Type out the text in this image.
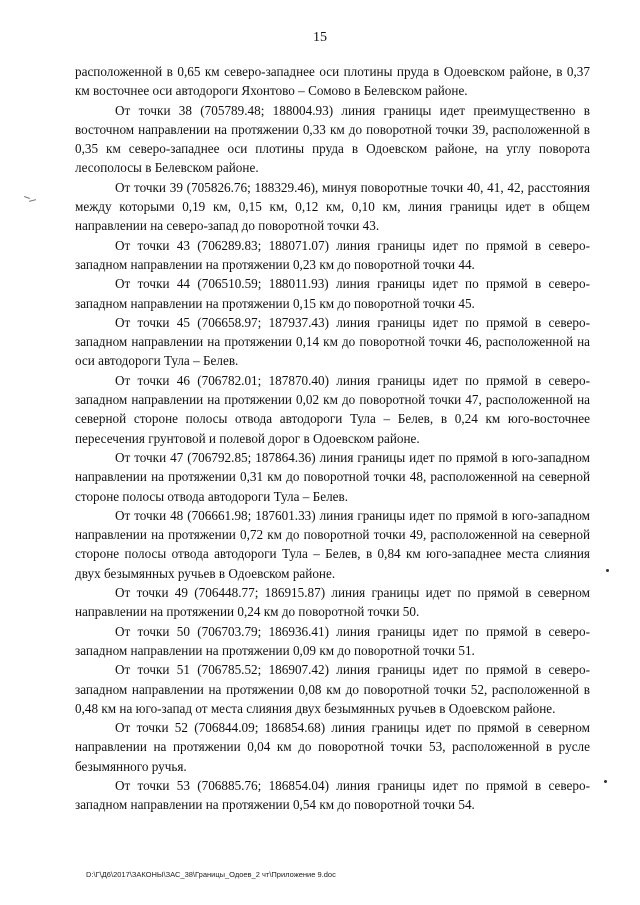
15

расположенной в 0,65 км северо-западнее оси плотины пруда в Одоевском районе, в 0,37 км восточнее оси автодороги Яхонтово – Сомово в Белевском районе.

От точки 38 (705789.48; 188004.93) линия границы идет преимущественно в восточном направлении на протяжении 0,33 км до поворотной точки 39, расположенной в 0,35 км северо-западнее оси плотины пруда в Одоевском районе, на углу поворота лесополосы в Белевском районе.

От точки 39 (705826.76; 188329.46), минуя поворотные точки 40, 41, 42, расстояния между которыми 0,19 км, 0,15 км, 0,12 км, 0,10 км, линия границы идет в общем направлении на северо-запад до поворотной точки 43.

От точки 43 (706289.83; 188071.07) линия границы идет по прямой в северо-западном направлении на протяжении 0,23 км до поворотной точки 44.

От точки 44 (706510.59; 188011.93) линия границы идет по прямой в северо-западном направлении на протяжении 0,15 км до поворотной точки 45.

От точки 45 (706658.97; 187937.43) линия границы идет по прямой в северо-западном направлении на протяжении 0,14 км до поворотной точки 46, расположенной на оси автодороги Тула – Белев.

От точки 46 (706782.01; 187870.40) линия границы идет по прямой в северо-западном направлении на протяжении 0,02 км до поворотной точки 47, расположенной на северной стороне полосы отвода автодороги Тула – Белев, в 0,24 км юго-восточнее пересечения грунтовой и полевой дорог в Одоевском районе.

От точки 47 (706792.85; 187864.36) линия границы идет по прямой в юго-западном направлении на протяжении 0,31 км до поворотной точки 48, расположенной на северной стороне полосы отвода автодороги Тула – Белев.

От точки 48 (706661.98; 187601.33) линия границы идет по прямой в юго-западном направлении на протяжении 0,72 км до поворотной точки 49, расположенной на северной стороне полосы отвода автодороги Тула – Белев, в 0,84 км юго-западнее места слияния двух безымянных ручьев в Одоевском районе.

От точки 49 (706448.77; 186915.87) линия границы идет по прямой в северном направлении на протяжении 0,24 км до поворотной точки 50.

От точки 50 (706703.79; 186936.41) линия границы идет по прямой в северо-западном направлении на протяжении 0,09 км до поворотной точки 51.

От точки 51 (706785.52; 186907.42) линия границы идет по прямой в северо-западном направлении на протяжении 0,08 км до поворотной точки 52, расположенной в 0,48 км на юго-запад от места слияния двух безымянных ручьев в Одоевском районе.

От точки 52 (706844.09; 186854.68) линия границы идет по прямой в северном направлении на протяжении 0,04 км до поворотной точки 53, расположенной в русле безымянного ручья.

От точки 53 (706885.76; 186854.04) линия границы идет по прямой в северо-западном направлении на протяжении 0,54 км до поворотной точки 54.

D:\Г\Д6\2017\ЗАКОНЫ\ЗАС_38\Границы_Одоев_2 чт\Приложение 9.doc
